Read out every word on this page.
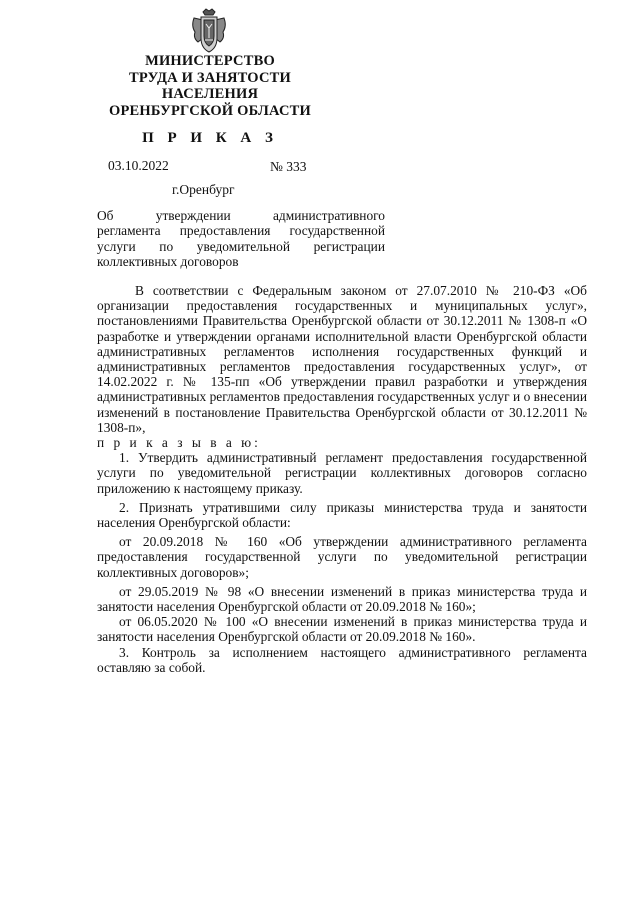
МИНИСТЕРСТВО
ТРУДА И ЗАНЯТОСТИ
НАСЕЛЕНИЯ
ОРЕНБУРГСКОЙ ОБЛАСТИ
П Р И К А З
03.10.2022	№ 333
г.Оренбург
Об утверждении административного
регламента предоставления государственной
услуги по уведомительной регистрации
коллективных договоров

В соответствии с Федеральным законом от 27.07.2010 № 210-ФЗ «Об организации предоставления государственных и муниципальных услуг», постановлениями Правительства Оренбургской области от 30.12.2011 № 1308-п «О разработке и утверждении органами исполнительной власти Оренбургской области административных регламентов исполнения государственных функций и административных регламентов предоставления государственных услуг», от 14.02.2022 г. № 135-пп «Об утверждении правил разработки и утверждения административных регламентов предоставления государственных услуг и о внесении изменений в постановление Правительства Оренбургской области от 30.12.2011 № 1308-п»,

п р и к а з ы в а ю:

1. Утвердить административный регламент предоставления государственной услуги по уведомительной регистрации коллективных договоров согласно приложению к настоящему приказу.

2. Признать утратившими силу приказы министерства труда и занятости населения Оренбургской области:

от 20.09.2018 № 160 «Об утверждении административного регламента предоставления государственной услуги по уведомительной регистрации коллективных договоров»;

от 29.05.2019 № 98 «О внесении изменений в приказ министерства труда и занятости населения Оренбургской области от 20.09.2018 № 160»;

от 06.05.2020 № 100 «О внесении изменений в приказ министерства труда и занятости населения Оренбургской области от 20.09.2018 № 160».

3. Контроль за исполнением настоящего административного регламента оставляю за собой.
